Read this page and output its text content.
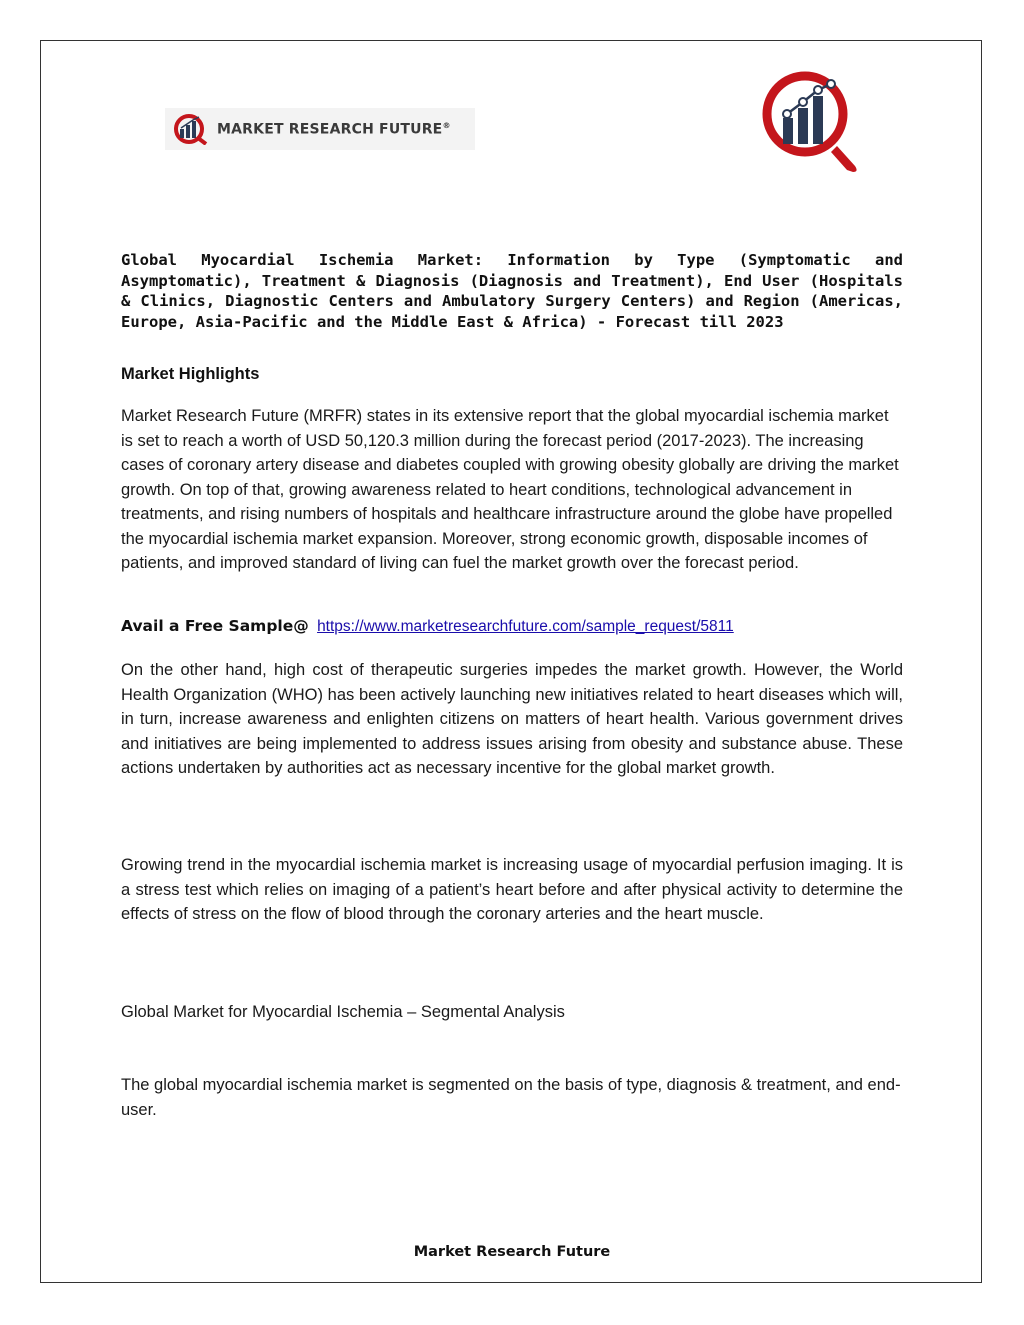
MARKET RESEARCH FUTURE®
Global Myocardial Ischemia Market: Information by Type (Symptomatic and Asymptomatic), Treatment & Diagnosis (Diagnosis and Treatment), End User (Hospitals & Clinics, Diagnostic Centers and Ambulatory Surgery Centers) and Region (Americas, Europe, Asia-Pacific and the Middle East & Africa) - Forecast till 2023
Market Highlights

Market Research Future (MRFR) states in its extensive report that the global myocardial ischemia market is set to reach a worth of USD 50,120.3 million during the forecast period (2017-2023). The increasing cases of coronary artery disease and diabetes coupled with growing obesity globally are driving the market growth. On top of that, growing awareness related to heart conditions, technological advancement in treatments, and rising numbers of hospitals and healthcare infrastructure around the globe have propelled the myocardial ischemia market expansion. Moreover, strong economic growth, disposable incomes of patients, and improved standard of living can fuel the market growth over the forecast period.

Avail a Free Sample@ https://www.marketresearchfuture.com/sample_request/5811

On the other hand, high cost of therapeutic surgeries impedes the market growth. However, the World Health Organization (WHO) has been actively launching new initiatives related to heart diseases which will, in turn, increase awareness and enlighten citizens on matters of heart health. Various government drives and initiatives are being implemented to address issues arising from obesity and substance abuse. These actions undertaken by authorities act as necessary incentive for the global market growth.

Growing trend in the myocardial ischemia market is increasing usage of myocardial perfusion imaging. It is a stress test which relies on imaging of a patient’s heart before and after physical activity to determine the effects of stress on the flow of blood through the coronary arteries and the heart muscle.

Global Market for Myocardial Ischemia – Segmental Analysis

The global myocardial ischemia market is segmented on the basis of type, diagnosis & treatment, and end-user.

Market Research Future
